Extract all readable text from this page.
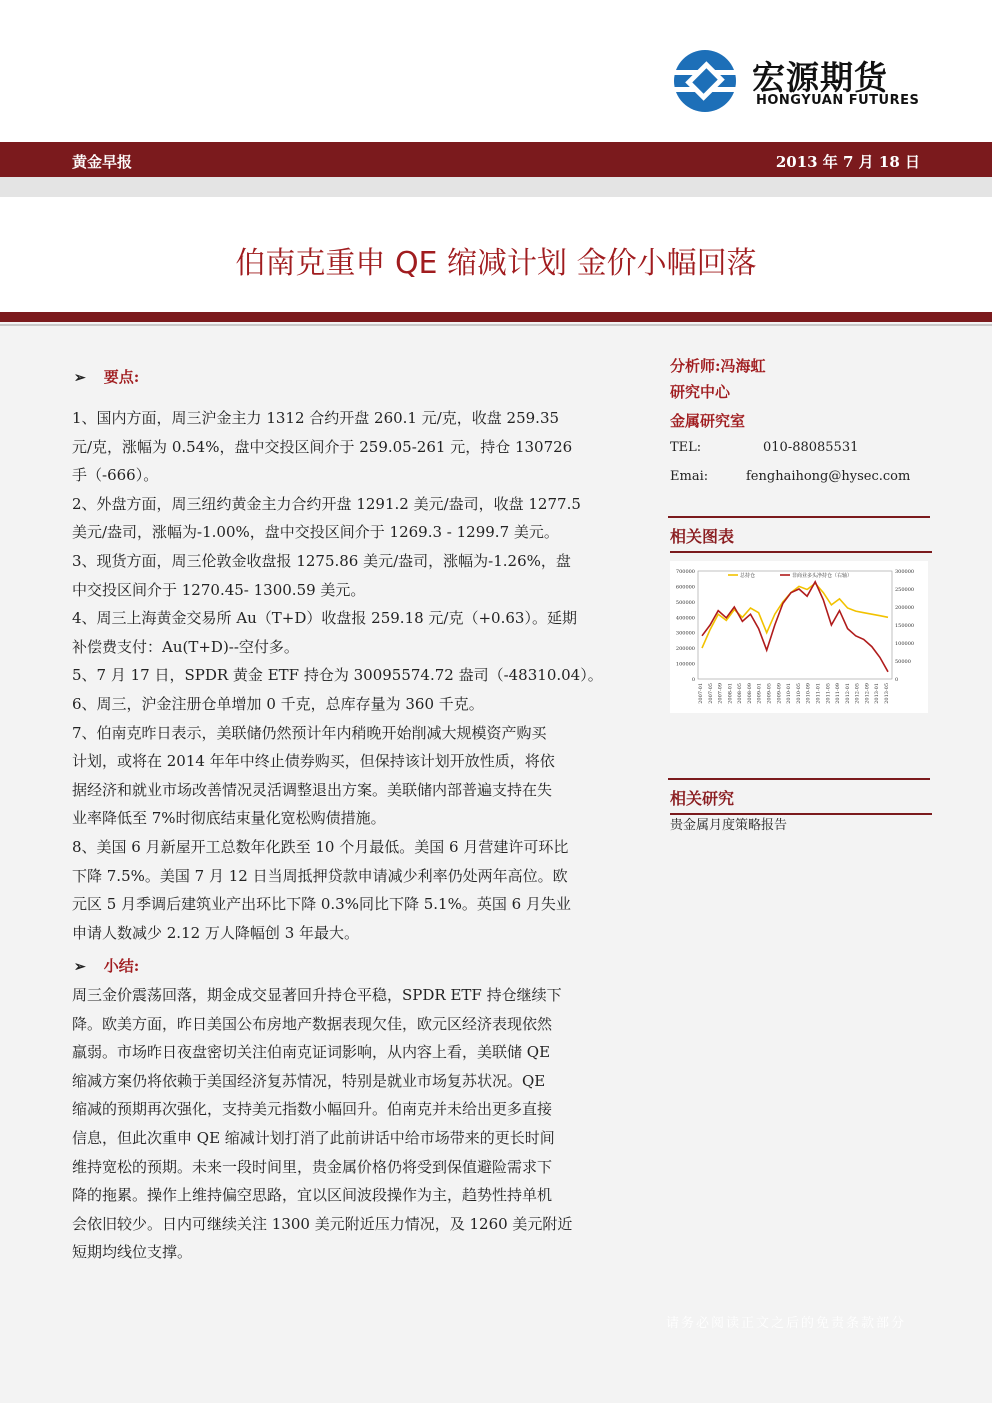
宏源期货
HONGYUAN FUTURES
黄金早报	2013 年 7 月 18 日
伯南克重申 QE 缩减计划 金价小幅回落
➢ 要点:

1、国内方面，周三沪金主力 1312 合约开盘 260.1 元/克，收盘 259.35

元/克，涨幅为 0.54%，盘中交投区间介于 259.05-261 元，持仓 130726

手（-666）。

2、外盘方面，周三纽约黄金主力合约开盘 1291.2 美元/盎司，收盘 1277.5

美元/盎司，涨幅为-1.00%，盘中交投区间介于 1269.3 - 1299.7 美元。

3、现货方面，周三伦敦金收盘报 1275.86 美元/盎司，涨幅为-1.26%，盘

中交投区间介于 1270.45- 1300.59 美元。

4、周三上海黄金交易所 Au（T+D）收盘报 259.18 元/克（+0.63）。延期

补偿费支付：Au(T+D)--空付多。

5、7 月 17 日，SPDR 黄金 ETF 持仓为 30095574.72 盎司（-48310.04）。

6、周三，沪金注册仓单增加 0 千克，总库存量为 360 千克。

7、伯南克昨日表示，美联储仍然预计年内稍晚开始削减大规模资产购买

计划，或将在 2014 年年中终止债券购买，但保持该计划开放性质，将依

据经济和就业市场改善情况灵活调整退出方案。美联储内部普遍支持在失

业率降低至 7%时彻底结束量化宽松购债措施。

8、美国 6 月新屋开工总数年化跌至 10 个月最低。美国 6 月营建许可环比

下降 7.5%。美国 7 月 12 日当周抵押贷款申请减少利率仍处两年高位。欧

元区 5 月季调后建筑业产出环比下降 0.3%同比下降 5.1%。英国 6 月失业

申请人数减少 2.12 万人降幅创 3 年最大。

➢ 小结:

周三金价震荡回落，期金成交显著回升持仓平稳，SPDR ETF 持仓继续下

降。欧美方面，昨日美国公布房地产数据表现欠佳，欧元区经济表现依然

羸弱。市场昨日夜盘密切关注伯南克证词影响，从内容上看，美联储 QE

缩减方案仍将依赖于美国经济复苏情况，特别是就业市场复苏状况。QE

缩减的预期再次强化，支持美元指数小幅回升。伯南克并未给出更多直接

信息，但此次重申 QE 缩减计划打消了此前讲话中给市场带来的更长时间

维持宽松的预期。未来一段时间里，贵金属价格仍将受到保值避险需求下

降的拖累。操作上维持偏空思路，宜以区间波段操作为主，趋势性持单机

会依旧较少。日内可继续关注 1300 美元附近压力情况，及 1260 美元附近

短期均线位支撑。

分析师:冯海虹
研究中心
金属研究室
TEL:	010-88085531
Emai:	fenghaihong@hysec.com
相关图表
700000
600000
500000
400000
300000
200000
100000
0
300000
250000
200000
150000
100000
50000
0
2007-01 2007-05 2007-09 2008-01 2008-05 2008-09 2009-01 2009-05 2009-09 2010-01 2010-05 2010-09 2011-01 2011-05 2011-09 2012-01 2012-05 2012-09 2013-01 2013-05
总持仓	非商业多头净持仓（右轴）
相关研究
贵金属月度策略报告
请务必阅读正文之后的免责条款部分
